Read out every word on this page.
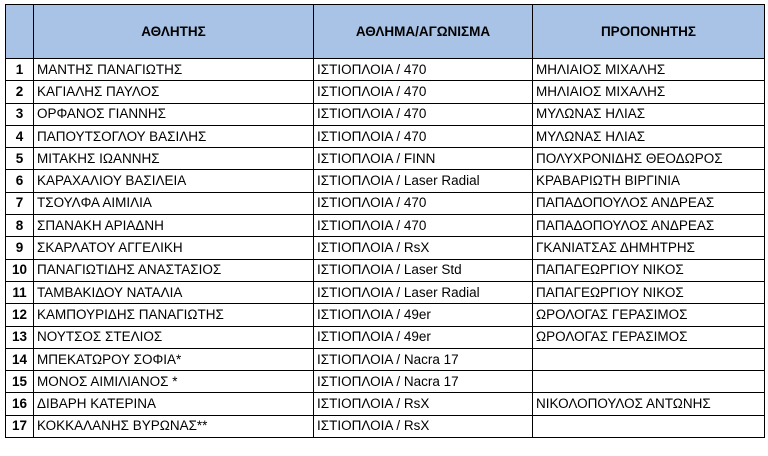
	ΑΘΛΗΤΗΣ	ΑΘΛΗΜΑ/ΑΓΩΝΙΣΜΑ	ΠΡΟΠΟΝΗΤΗΣ
1	ΜΑΝΤΗΣ ΠΑΝΑΓΙΩΤΗΣ	ΙΣΤΙΟΠΛΟΙΑ / 470	ΜΗΛΙΑΙΟΣ ΜΙΧΑΛΗΣ
2	ΚΑΓΙΑΛΗΣ ΠΑΥΛΟΣ	ΙΣΤΙΟΠΛΟΙΑ / 470	ΜΗΛΙΑΙΟΣ ΜΙΧΑΛΗΣ
3	ΟΡΦΑΝΟΣ ΓΙΑΝΝΗΣ	ΙΣΤΙΟΠΛΟΙΑ / 470	ΜΥΛΩΝΑΣ ΗΛΙΑΣ
4	ΠΑΠΟΥΤΣΟΓΛΟΥ ΒΑΣΙΛΗΣ	ΙΣΤΙΟΠΛΟΙΑ / 470	ΜΥΛΩΝΑΣ ΗΛΙΑΣ
5	ΜΙΤΑΚΗΣ ΙΩΑΝΝΗΣ	ΙΣΤΙΟΠΛΟΙΑ / FINN	ΠΟΛΥΧΡΟΝΙΔΗΣ ΘΕΟΔΩΡΟΣ
6	ΚΑΡΑΧΑΛΙΟΥ ΒΑΣΙΛΕΙΑ	ΙΣΤΙΟΠΛΟΙΑ / Laser Radial	ΚΡΑΒΑΡΙΩΤΗ ΒΙΡΓΙΝΙΑ
7	ΤΣΟΥΛΦΑ ΑΙΜΙΛΙΑ	ΙΣΤΙΟΠΛΟΙΑ / 470	ΠΑΠΑΔΟΠΟΥΛΟΣ ΑΝΔΡΕΑΣ
8	ΣΠΑΝΑΚΗ ΑΡΙΑΔΝΗ	ΙΣΤΙΟΠΛΟΙΑ / 470	ΠΑΠΑΔΟΠΟΥΛΟΣ ΑΝΔΡΕΑΣ
9	ΣΚΑΡΛΑΤΟΥ ΑΓΓΕΛΙΚΗ	ΙΣΤΙΟΠΛΟΙΑ / RsX	ΓΚΑΝΙΑΤΣΑΣ ΔΗΜΗΤΡΗΣ
10	ΠΑΝΑΓΙΩΤΙΔΗΣ ΑΝΑΣΤΑΣΙΟΣ	ΙΣΤΙΟΠΛΟΙΑ / Laser Std	ΠΑΠΑΓΕΩΡΓΙΟΥ ΝΙΚΟΣ
11	ΤΑΜΒΑΚΙΔΟΥ ΝΑΤΑΛΙΑ	ΙΣΤΙΟΠΛΟΙΑ / Laser Radial	ΠΑΠΑΓΕΩΡΓΙΟΥ ΝΙΚΟΣ
12	ΚΑΜΠΟΥΡΙΔΗΣ ΠΑΝΑΓΙΩΤΗΣ	ΙΣΤΙΟΠΛΟΙΑ / 49er	ΩΡΟΛΟΓΑΣ ΓΕΡΑΣΙΜΟΣ
13	ΝΟΥΤΣΟΣ ΣΤΕΛΙΟΣ	ΙΣΤΙΟΠΛΟΙΑ / 49er	ΩΡΟΛΟΓΑΣ ΓΕΡΑΣΙΜΟΣ
14	ΜΠΕΚΑΤΩΡΟΥ ΣΟΦΙΑ*	ΙΣΤΙΟΠΛΟΙΑ / Nacra 17	
15	ΜΟΝΟΣ ΑΙΜΙΛΙΑΝΟΣ *	ΙΣΤΙΟΠΛΟΙΑ / Nacra 17	
16	ΔΙΒΑΡΗ ΚΑΤΕΡΙΝΑ	ΙΣΤΙΟΠΛΟΙΑ / RsX	ΝΙΚΟΛΟΠΟΥΛΟΣ ΑΝΤΩΝΗΣ
17	ΚΟΚΚΑΛΑΝΗΣ ΒΥΡΩΝΑΣ**	ΙΣΤΙΟΠΛΟΙΑ / RsX	
